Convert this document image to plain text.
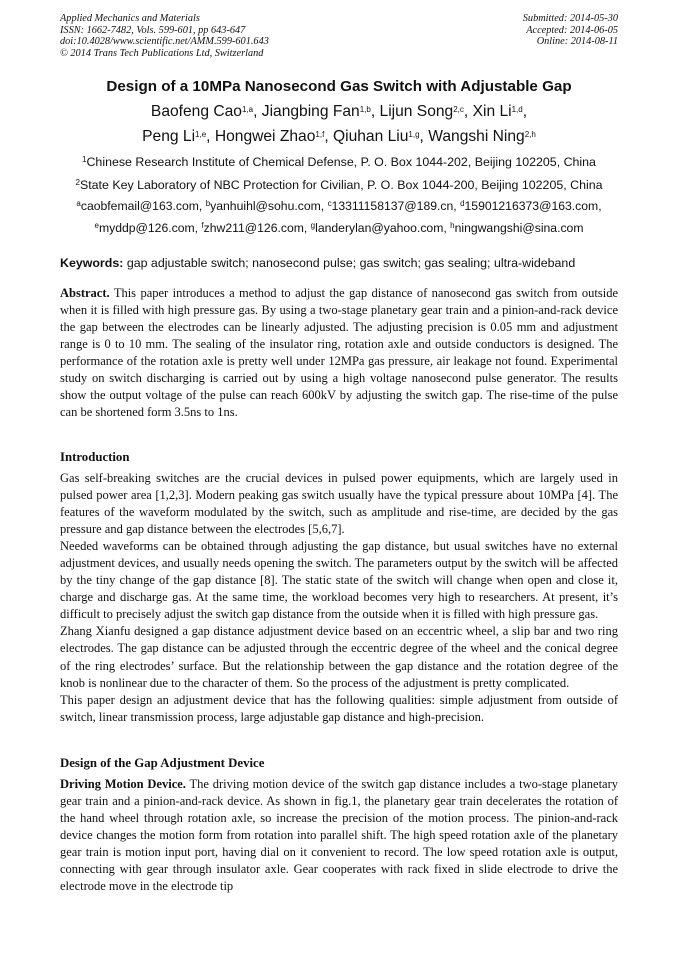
Applied Mechanics and Materials
ISSN: 1662-7482, Vols. 599-601, pp 643-647
doi:10.4028/www.scientific.net/AMM.599-601.643
© 2014 Trans Tech Publications Ltd, Switzerland
Submitted: 2014-05-30
Accepted: 2014-06-05
Online: 2014-08-11
Design of a 10MPa Nanosecond Gas Switch with Adjustable Gap
Baofeng Cao$^{1,a}$, Jiangbing Fan$^{1,b}$, Lijun Song$^{2,c}$, Xin Li$^{1,d}$,
Peng Li$^{1,e}$, Hongwei Zhao$^{1,f}$, Qiuhan Liu$^{1,g}$, Wangshi Ning$^{2,h}$
$^1$Chinese Research Institute of Chemical Defense, P. O. Box 1044-202, Beijing 102205, China
$^2$State Key Laboratory of NBC Protection for Civilian, P. O. Box 1044-200, Beijing 102205, China
$^a$caobfemail@163.com, $^b$yanhuihl@sohu.com, $^c$13311158137@189.cn, $^d$15901216373@163.com,
$^e$myddp@126.com, $^f$zhw211@126.com, $^g$landerylan@yahoo.com, $^h$ningwangshi@sina.com
Keywords: gap adjustable switch; nanosecond pulse; gas switch; gas sealing; ultra-wideband

Abstract. This paper introduces a method to adjust the gap distance of nanosecond gas switch from outside when it is filled with high pressure gas. By using a two-stage planetary gear train and a pinion-and-rack device the gap between the electrodes can be linearly adjusted. The adjusting precision is 0.05 mm and adjustment range is 0 to 10 mm. The sealing of the insulator ring, rotation axle and outside conductors is designed. The performance of the rotation axle is pretty well under 12MPa gas pressure, air leakage not found. Experimental study on switch discharging is carried out by using a high voltage nanosecond pulse generator. The results show the output voltage of the pulse can reach 600kV by adjusting the switch gap. The rise-time of the pulse can be shortened form 3.5ns to 1ns.

Introduction

Gas self-breaking switches are the crucial devices in pulsed power equipments, which are largely used in pulsed power area [1,2,3]. Modern peaking gas switch usually have the typical pressure about 10MPa [4]. The features of the waveform modulated by the switch, such as amplitude and rise-time, are decided by the gas pressure and gap distance between the electrodes [5,6,7].

Needed waveforms can be obtained through adjusting the gap distance, but usual switches have no external adjustment devices, and usually needs opening the switch. The parameters output by the switch will be affected by the tiny change of the gap distance [8]. The static state of the switch will change when open and close it, charge and discharge gas. At the same time, the workload becomes very high to researchers. At present, it’s difficult to precisely adjust the switch gap distance from the outside when it is filled with high pressure gas.

Zhang Xianfu designed a gap distance adjustment device based on an eccentric wheel, a slip bar and two ring electrodes. The gap distance can be adjusted through the eccentric degree of the wheel and the conical degree of the ring electrodes’ surface. But the relationship between the gap distance and the rotation degree of the knob is nonlinear due to the character of them. So the process of the adjustment is pretty complicated.

This paper design an adjustment device that has the following qualities: simple adjustment from outside of switch, linear transmission process, large adjustable gap distance and high-precision.

Design of the Gap Adjustment Device

Driving Motion Device. The driving motion device of the switch gap distance includes a two-stage planetary gear train and a pinion-and-rack device. As shown in fig.1, the planetary gear train decelerates the rotation of the hand wheel through rotation axle, so increase the precision of the motion process. The pinion-and-rack device changes the motion form from rotation into parallel shift. The high speed rotation axle of the planetary gear train is motion input port, having dial on it convenient to record. The low speed rotation axle is output, connecting with gear through insulator axle. Gear cooperates with rack fixed in slide electrode to drive the electrode move in the electrode tip
